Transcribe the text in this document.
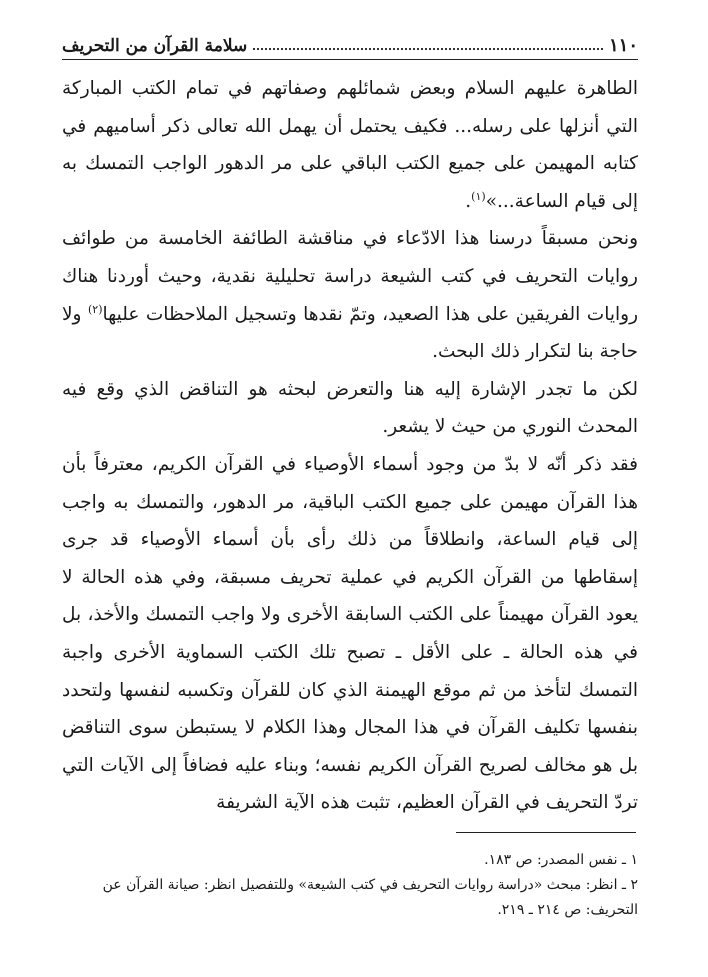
١١٠
سلامة القرآن من التحريف

الطاهرة عليهم السلام وبعض شمائلهم وصفاتهم في تمام الكتب المباركة التي أنزلها على رسله... فكيف يحتمل أن يهمل الله تعالى ذكر أساميهم في كتابه المهيمن على جميع الكتب الباقي على مر الدهور الواجب التمسك به إلى قيام الساعة...»$^{(١)}$.

ونحن مسبقاً درسنا هذا الادّعاء في مناقشة الطائفة الخامسة من طوائف روايات التحريف في كتب الشيعة دراسة تحليلية نقدية، وحيث أوردنا هناك روايات الفريقين على هذا الصعيد، وتمّ نقدها وتسجيل الملاحظات عليها$^{(٢)}$ ولا حاجة بنا لتكرار ذلك البحث.

لكن ما تجدر الإشارة إليه هنا والتعرض لبحثه هو التناقض الذي وقع فيه المحدث النوري من حيث لا يشعر.

فقد ذكر أنّه لا بدّ من وجود أسماء الأوصياء في القرآن الكريم، معترفاً بأن هذا القرآن مهيمن على جميع الكتب الباقية، مر الدهور، والتمسك به واجب إلى قيام الساعة، وانطلاقاً من ذلك رأى بأن أسماء الأوصياء قد جرى إسقاطها من القرآن الكريم في عملية تحريف مسبقة، وفي هذه الحالة لا يعود القرآن مهيمناً على الكتب السابقة الأخرى ولا واجب التمسك والأخذ، بل في هذه الحالة ـ على الأقل ـ تصبح تلك الكتب السماوية الأخرى واجبة التمسك لتأخذ من ثم موقع الهيمنة الذي كان للقرآن وتكسبه لنفسها ولتحدد بنفسها تكليف القرآن في هذا المجال وهذا الكلام لا يستبطن سوى التناقض بل هو مخالف لصريح القرآن الكريم نفسه؛ وبناء عليه فضافاً إلى الآيات التي تردّ التحريف في القرآن العظيم، تثبت هذه الآية الشريفة

١ ـ نفس المصدر: ص ١٨٣.

٢ ـ انظر: مبحث «دراسة روايات التحريف في كتب الشيعة» وللتفصيل انظر: صيانة القرآن عن التحريف: ص ٢١٤ ـ ٢١٩.
